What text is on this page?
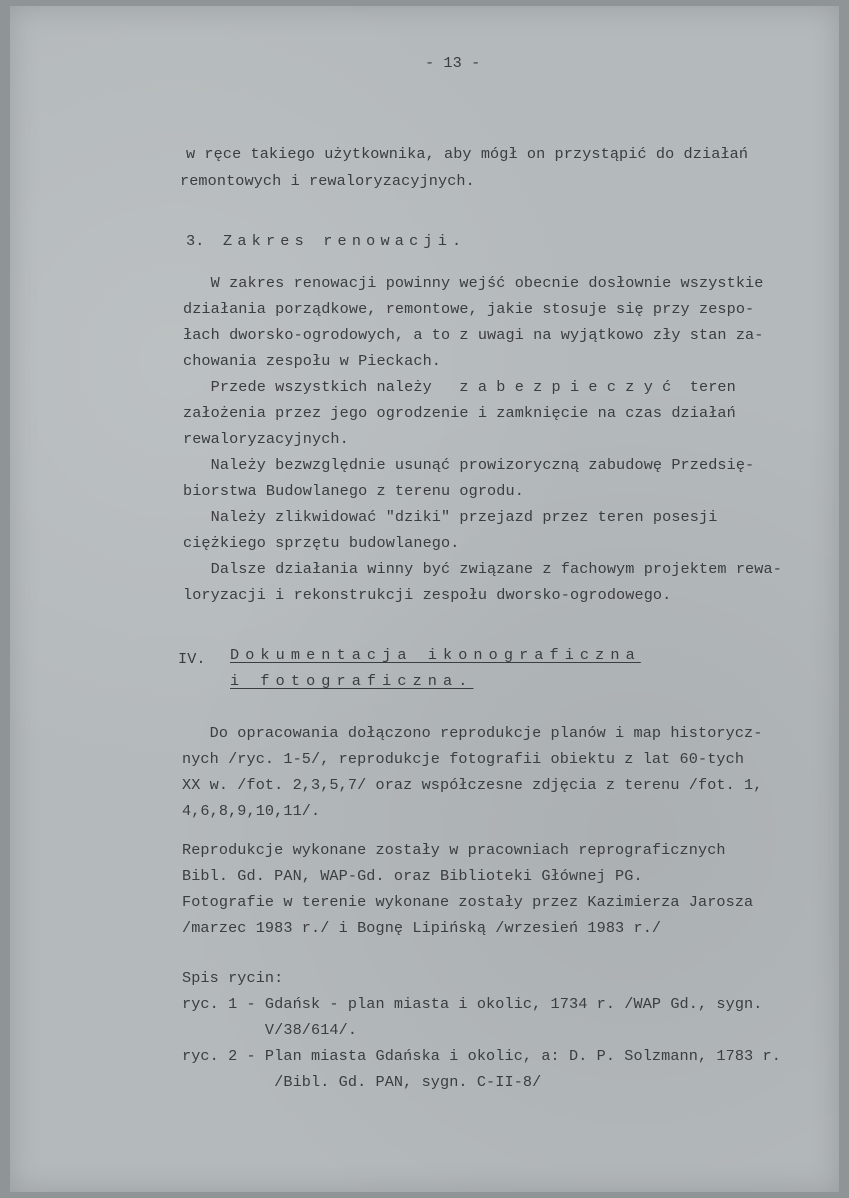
- 13 -
w ręce takiego użytkownika, aby mógł on przystąpić do działań
remontowych i rewaloryzacyjnych.
3. Zakres renowacji.
W zakres renowacji powinny wejść obecnie dosłownie wszystkie
działania porządkowe, remontowe, jakie stosuje się przy zespo-
łach dworsko-ogrodowych, a to z uwagi na wyjątkowo zły stan za-
chowania zespołu w Pieckach.
Przede wszystkich należy   z a b e z p i e c z y ć  teren
założenia przez jego ogrodzenie i zamknięcie na czas działań
rewaloryzacyjnych.
Należy bezwzględnie usunąć prowizoryczną zabudowę Przedsię-
biorstwa Budowlanego z terenu ogrodu.
Należy zlikwidować "dziki" przejazd przez teren posesji
ciężkiego sprzętu budowlanego.
Dalsze działania winny być związane z fachowym projektem rewa-
loryzacji i rekonstrukcji zespołu dworsko-ogrodowego.
IV. Dokumentacja ikonograficzna
i fotograficzna.
Do opracowania dołączono reprodukcje planów i map historycz-
nych /ryc. 1-5/, reprodukcje fotografii obiektu z lat 60-tych
XX w. /fot. 2,3,5,7/ oraz współczesne zdjęcia z terenu /fot. 1,
4,6,8,9,10,11/.
Reprodukcje wykonane zostały w pracowniach reprograficznych
Bibl. Gd. PAN, WAP-Gd. oraz Biblioteki Głównej PG.
Fotografie w terenie wykonane zostały przez Kazimierza Jarosza
/marzec 1983 r./ i Bognę Lipińską /wrzesień 1983 r./
Spis rycin:
ryc. 1 - Gdańsk - plan miasta i okolic, 1734 r. /WAP Gd., sygn.
V/38/614/.
ryc. 2 - Plan miasta Gdańska i okolic, a: D. P. Solzmann, 1783 r.
/Bibl. Gd. PAN, sygn. C-II-8/
